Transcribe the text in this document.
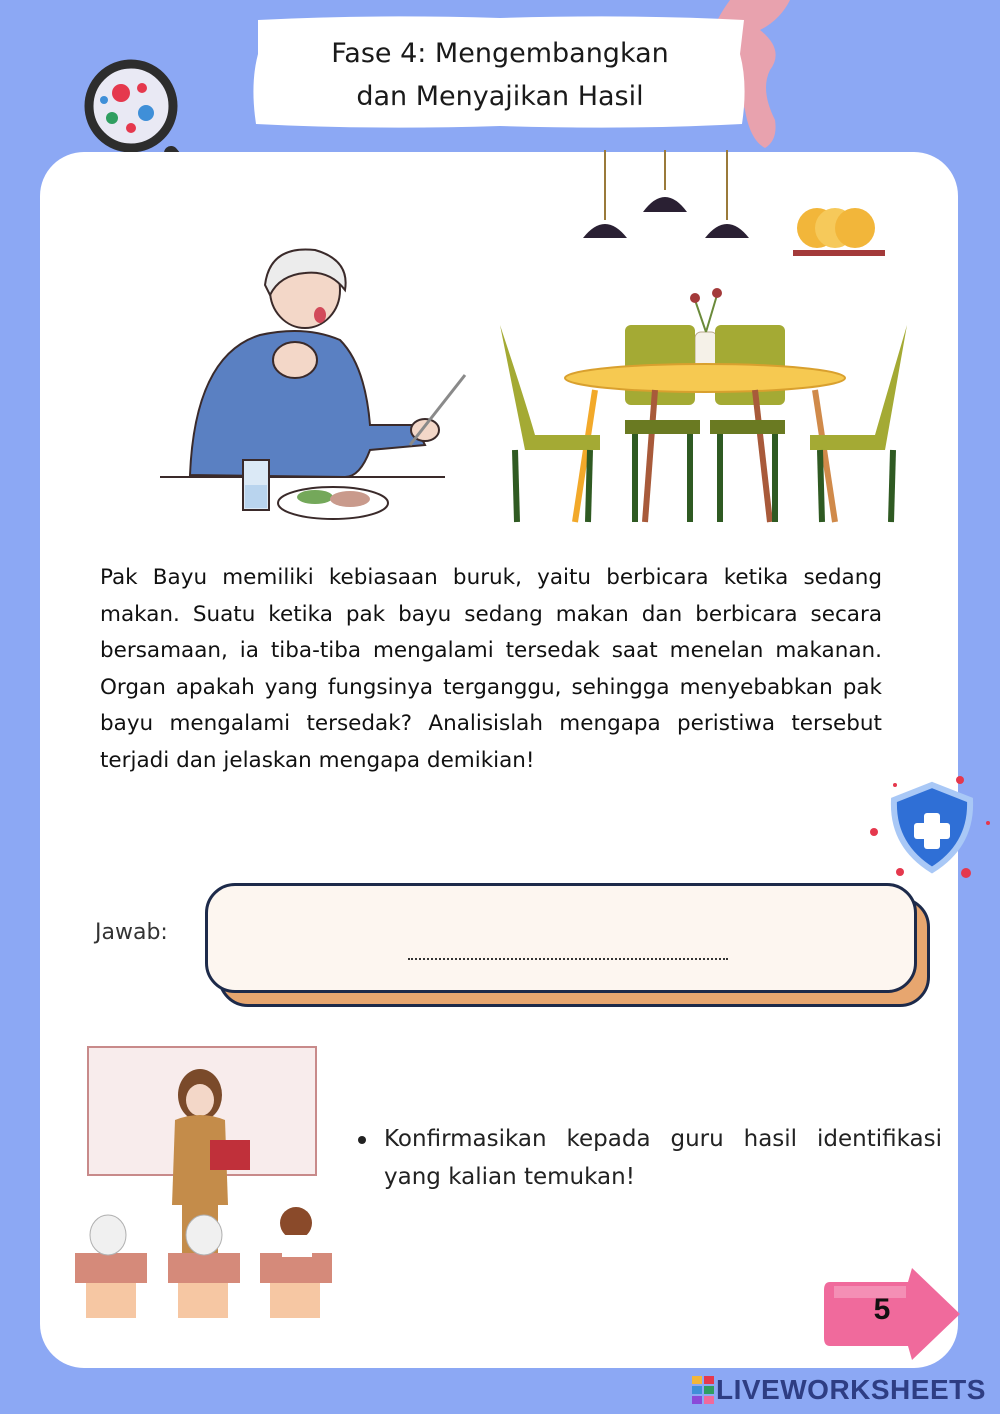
Fase 4: Mengembangkan
dan Menyajikan Hasil

Pak Bayu memiliki kebiasaan buruk, yaitu berbicara ketika sedang makan. Suatu ketika pak bayu sedang makan dan berbicara secara bersamaan, ia tiba-tiba mengalami tersedak saat menelan makanan. Organ apakah yang fungsinya terganggu, sehingga menyebabkan pak bayu mengalami tersedak? Analisislah mengapa peristiwa tersebut terjadi dan jelaskan mengapa demikian!

Jawab:

Konfirmasikan kepada guru hasil identifikasi yang kalian temukan!

5
LIVEWORKSHEETS
